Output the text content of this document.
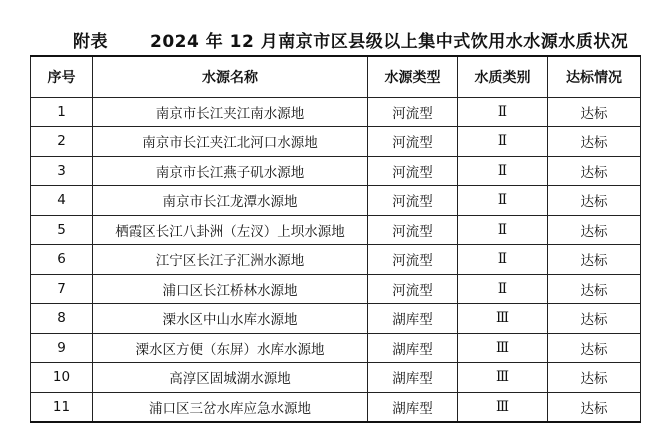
附表 2024 年 12 月南京市区县级以上集中式饮用水水源水质状况
序号	水源名称	水源类型	水质类别	达标情况
1	南京市长江夹江南水源地	河流型	Ⅱ	达标
2	南京市长江夹江北河口水源地	河流型	Ⅱ	达标
3	南京市长江燕子矶水源地	河流型	Ⅱ	达标
4	南京市长江龙潭水源地	河流型	Ⅱ	达标
5	栖霞区长江八卦洲（左汊）上坝水源地	河流型	Ⅱ	达标
6	江宁区长江子汇洲水源地	河流型	Ⅱ	达标
7	浦口区长江桥林水源地	河流型	Ⅱ	达标
8	溧水区中山水库水源地	湖库型	Ⅲ	达标
9	溧水区方便（东屏）水库水源地	湖库型	Ⅲ	达标
10	高淳区固城湖水源地	湖库型	Ⅲ	达标
11	浦口区三岔水库应急水源地	湖库型	Ⅲ	达标
